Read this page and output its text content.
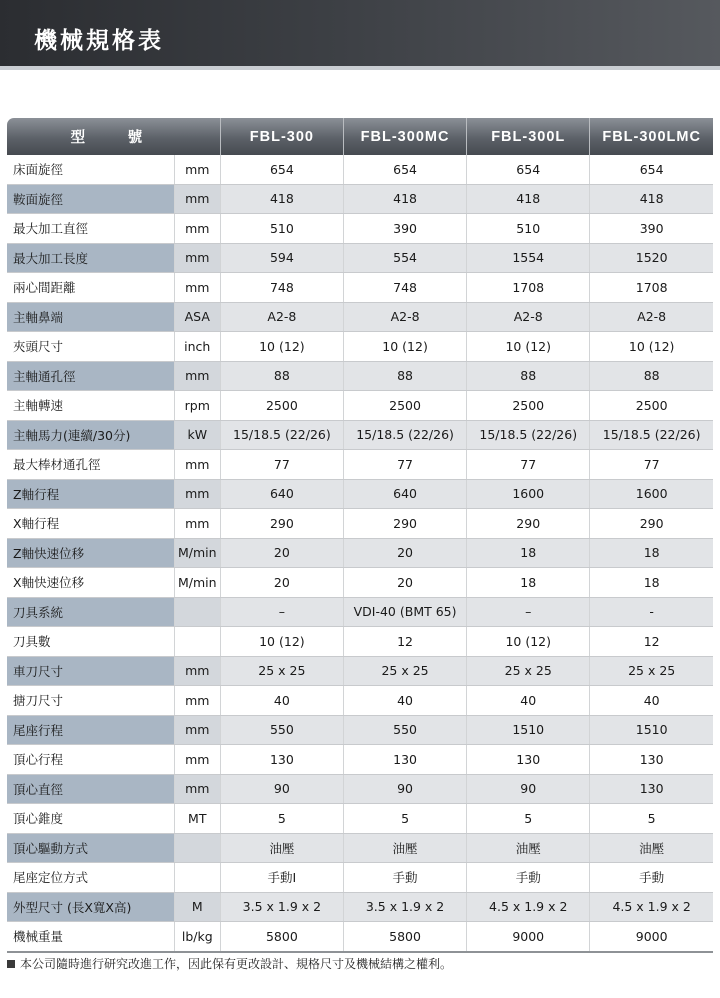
機械規格表
型　號		FBL-300	FBL-300MC	FBL-300L	FBL-300LMC
床面旋徑	mm	654	654	654	654
鞍面旋徑	mm	418	418	418	418
最大加工直徑	mm	510	390	510	390
最大加工長度	mm	594	554	1554	1520
兩心間距離	mm	748	748	1708	1708
主軸鼻端	ASA	A2-8	A2-8	A2-8	A2-8
夾頭尺寸	inch	10 (12)	10 (12)	10 (12)	10 (12)
主軸通孔徑	mm	88	88	88	88
主軸轉速	rpm	2500	2500	2500	2500
主軸馬力(連續/30分)	kW	15/18.5 (22/26)	15/18.5 (22/26)	15/18.5 (22/26)	15/18.5 (22/26)
最大棒材通孔徑	mm	77	77	77	77
Z軸行程	mm	640	640	1600	1600
X軸行程	mm	290	290	290	290
Z軸快速位移	M/min	20	20	18	18
X軸快速位移	M/min	20	20	18	18
刀具系統		–	VDI-40 (BMT 65)	–	-
刀具數		10 (12)	12	10 (12)	12
車刀尺寸	mm	25 x 25	25 x 25	25 x 25	25 x 25
搪刀尺寸	mm	40	40	40	40
尾座行程	mm	550	550	1510	1510
頂心行程	mm	130	130	130	130
頂心直徑	mm	90	90	90	130
頂心錐度	MT	5	5	5	5
頂心驅動方式		油壓	油壓	油壓	油壓
尾座定位方式		手動I	手動	手動	手動
外型尺寸 (長X寬X高)	M	3.5 x 1.9 x 2	3.5 x 1.9 x 2	4.5 x 1.9 x 2	4.5 x 1.9 x 2
機械重量	lb/kg	5800	5800	9000	9000
本公司隨時進行研究改進工作，因此保有更改設計、規格尺寸及機械結構之權利。
